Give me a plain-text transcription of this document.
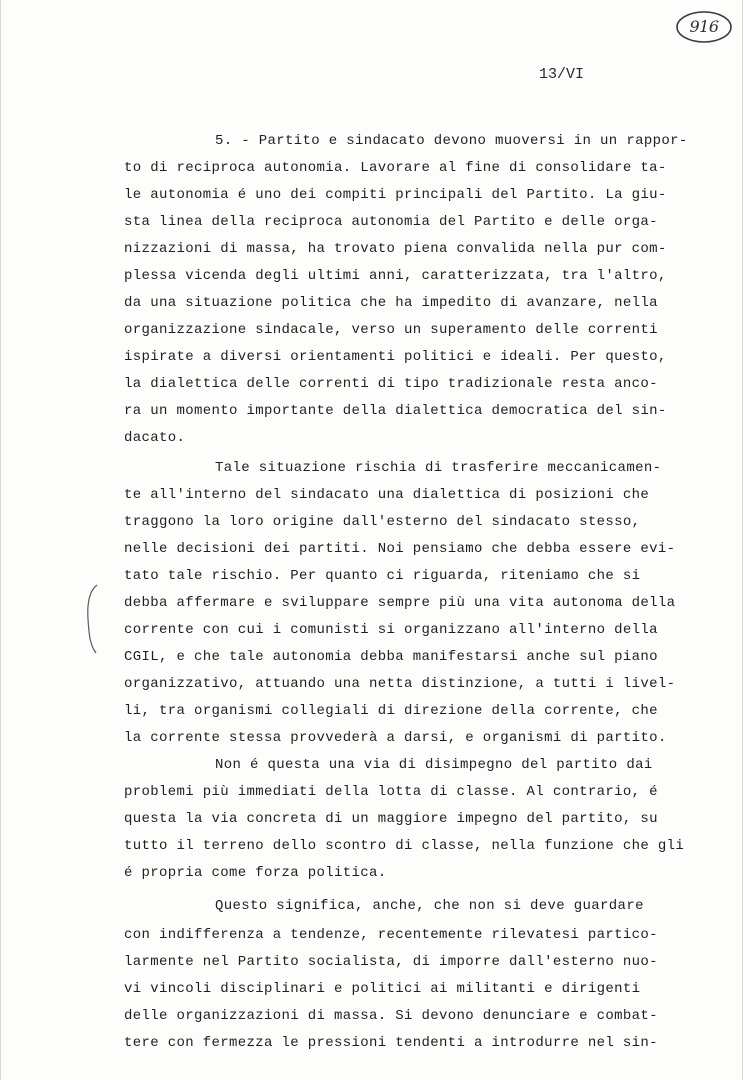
916
13/VI
5. - Partito e sindacato devono muoversi in un rappor-
to di reciproca autonomia. Lavorare al fine di consolidare ta-
le autonomia é uno dei compiti principali del Partito. La giu-
sta linea della reciproca autonomia del Partito e delle orga-
nizzazioni di massa, ha trovato piena convalida nella pur com-
plessa vicenda degli ultimi anni, caratterizzata, tra l'altro,
da una situazione politica che ha impedito di avanzare, nella
organizzazione sindacale, verso un superamento delle correnti
ispirate a diversi orientamenti politici e ideali. Per questo,
la dialettica delle correnti di tipo tradizionale resta anco-
ra un momento importante della dialettica democratica del sin-
dacato.
Tale situazione rischia di trasferire meccanicamen-
te all'interno del sindacato una dialettica di posizioni che
traggono la loro origine dall'esterno del sindacato stesso,
nelle decisioni dei partiti. Noi pensiamo che debba essere evi-
tato tale rischio. Per quanto ci riguarda, riteniamo che si
debba affermare e sviluppare sempre più una vita autonoma della
corrente con cui i comunisti si organizzano all'interno della
CGIL, e che tale autonomia debba manifestarsi anche sul piano
organizzativo, attuando una netta distinzione, a tutti i livel-
li, tra organismi collegiali di direzione della corrente, che
la corrente stessa provvederà a darsi, e organismi di partito.
Non é questa una via di disimpegno del partito dai
problemi più immediati della lotta di classe. Al contrario, é
questa la via concreta di un maggiore impegno del partito, su
tutto il terreno dello scontro di classe, nella funzione che gli
é propria come forza politica.
Questo significa, anche, che non si deve guardare
con indifferenza a tendenze, recentemente rilevatesi partico-
larmente nel Partito socialista, di imporre dall'esterno nuo-
vi vincoli disciplinari e politici ai militanti e dirigenti
delle organizzazioni di massa. Si devono denunciare e combat-
tere con fermezza le pressioni tendenti a introdurre nel sin-
